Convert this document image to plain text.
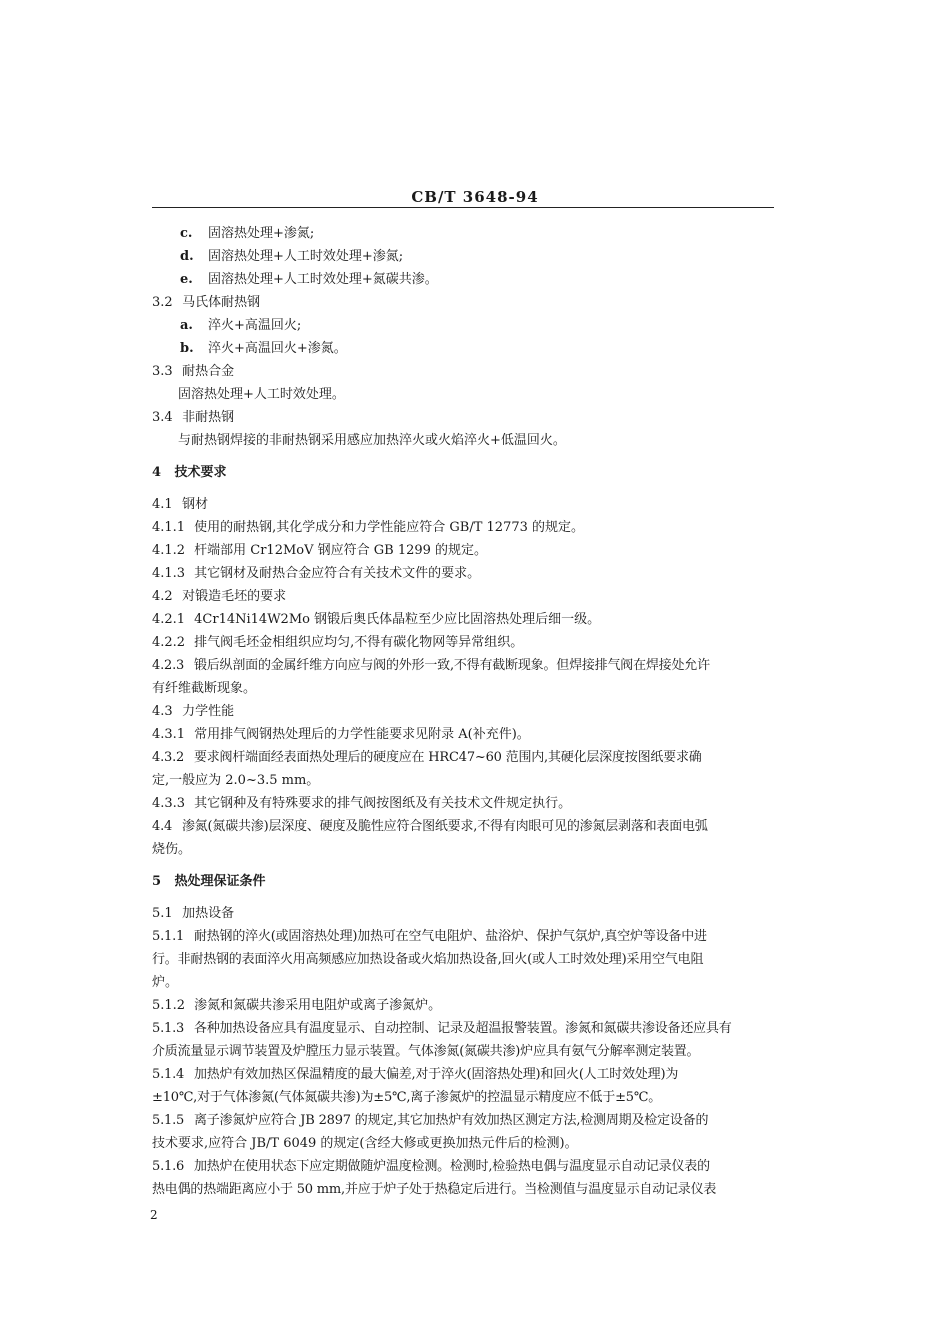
CB/T 3648-94
c. 固溶热处理+渗氮;
d. 固溶热处理+人工时效处理+渗氮;
e. 固溶热处理+人工时效处理+氮碳共渗。
3.2 马氏体耐热钢
a. 淬火+高温回火;
b. 淬火+高温回火+渗氮。
3.3 耐热合金
固溶热处理+人工时效处理。
3.4 非耐热钢
与耐热钢焊接的非耐热钢采用感应加热淬火或火焰淬火+低温回火。
4 技术要求
4.1 钢材
4.1.1 使用的耐热钢,其化学成分和力学性能应符合 GB/T 12773 的规定。
4.1.2 杆端部用 Cr12MoV 钢应符合 GB 1299 的规定。
4.1.3 其它钢材及耐热合金应符合有关技术文件的要求。
4.2 对锻造毛坯的要求
4.2.1 4Cr14Ni14W2Mo 钢锻后奥氏体晶粒至少应比固溶热处理后细一级。
4.2.2 排气阀毛坯金相组织应均匀,不得有碳化物网等异常组织。
4.2.3 锻后纵剖面的金属纤维方向应与阀的外形一致,不得有截断现象。但焊接排气阀在焊接处允许
有纤维截断现象。
4.3 力学性能
4.3.1 常用排气阀钢热处理后的力学性能要求见附录 A(补充件)。
4.3.2 要求阀杆端面经表面热处理后的硬度应在 HRC47~60 范围内,其硬化层深度按图纸要求确
定,一般应为 2.0~3.5 mm。
4.3.3 其它钢种及有特殊要求的排气阀按图纸及有关技术文件规定执行。
4.4 渗氮(氮碳共渗)层深度、硬度及脆性应符合图纸要求,不得有肉眼可见的渗氮层剥落和表面电弧
烧伤。
5 热处理保证条件
5.1 加热设备
5.1.1 耐热钢的淬火(或固溶热处理)加热可在空气电阻炉、盐浴炉、保护气氛炉,真空炉等设备中进
行。非耐热钢的表面淬火用高频感应加热设备或火焰加热设备,回火(或人工时效处理)采用空气电阻
炉。
5.1.2 渗氮和氮碳共渗采用电阻炉或离子渗氮炉。
5.1.3 各种加热设备应具有温度显示、自动控制、记录及超温报警装置。渗氮和氮碳共渗设备还应具有
介质流量显示调节装置及炉膛压力显示装置。气体渗氮(氮碳共渗)炉应具有氨气分解率测定装置。
5.1.4 加热炉有效加热区保温精度的最大偏差,对于淬火(固溶热处理)和回火(人工时效处理)为
±10℃,对于气体渗氮(气体氮碳共渗)为±5℃,离子渗氮炉的控温显示精度应不低于±5℃。
5.1.5 离子渗氮炉应符合 JB 2897 的规定,其它加热炉有效加热区测定方法,检测周期及检定设备的
技术要求,应符合 JB/T 6049 的规定(含经大修或更换加热元件后的检测)。
5.1.6 加热炉在使用状态下应定期做随炉温度检测。检测时,检验热电偶与温度显示自动记录仪表的
热电偶的热端距离应小于 50 mm,并应于炉子处于热稳定后进行。当检测值与温度显示自动记录仪表
2
